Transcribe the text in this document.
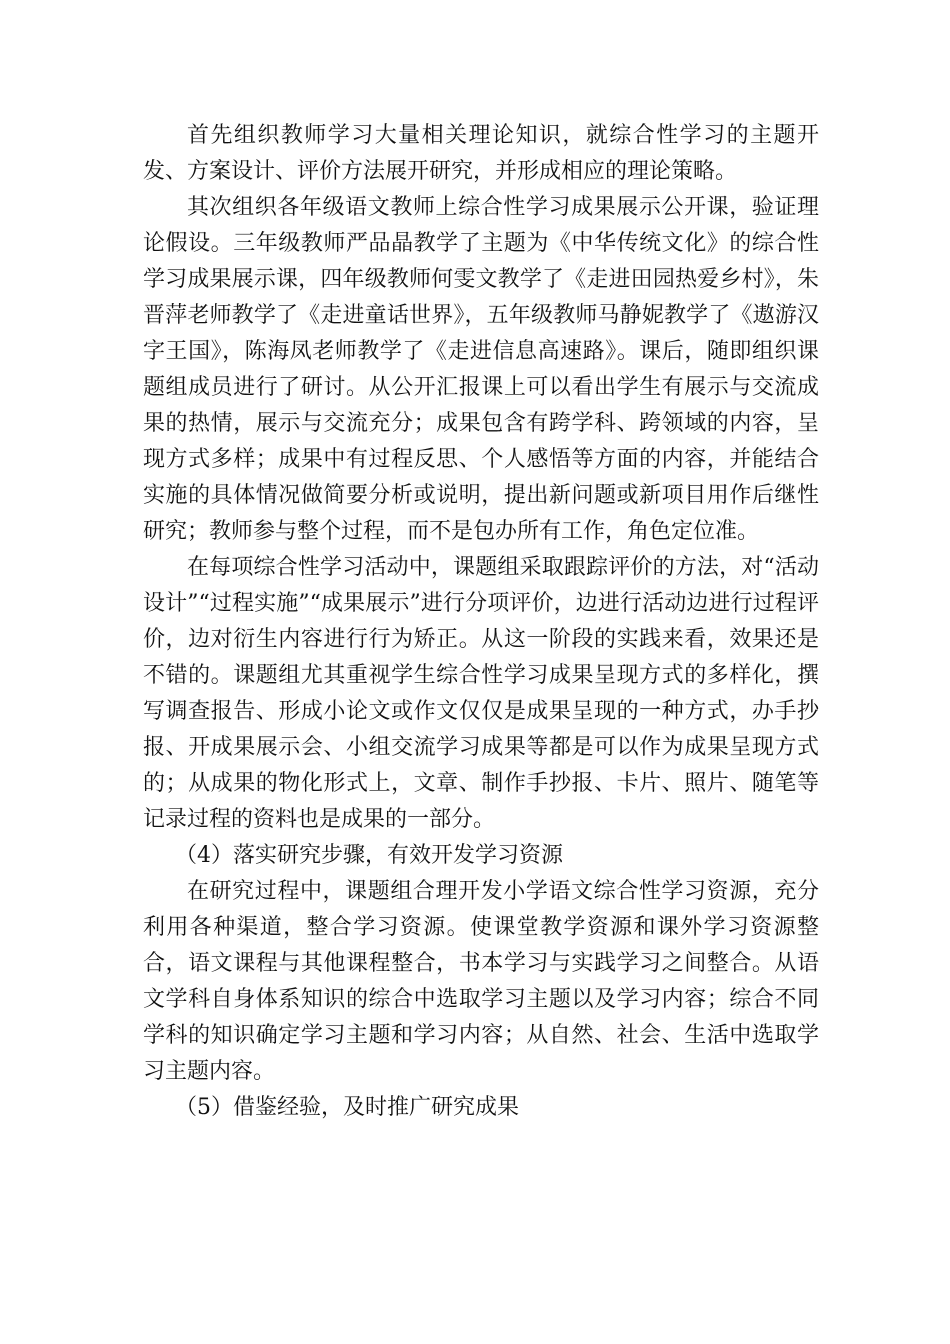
首先组织教师学习大量相关理论知识，就综合性学习的主题开发、方案设计、评价方法展开研究，并形成相应的理论策略。

其次组织各年级语文教师上综合性学习成果展示公开课，验证理论假设。三年级教师严品晶教学了主题为《中华传统文化》的综合性学习成果展示课，四年级教师何雯文教学了《走进田园热爱乡村》，朱晋萍老师教学了《走进童话世界》，五年级教师马静妮教学了《遨游汉字王国》，陈海凤老师教学了《走进信息高速路》。课后，随即组织课题组成员进行了研讨。从公开汇报课上可以看出学生有展示与交流成果的热情，展示与交流充分；成果包含有跨学科、跨领域的内容，呈现方式多样；成果中有过程反思、个人感悟等方面的内容，并能结合实施的具体情况做简要分析或说明，提出新问题或新项目用作后继性研究；教师参与整个过程，而不是包办所有工作，角色定位准。

在每项综合性学习活动中，课题组采取跟踪评价的方法，对“活动设计”“过程实施”“成果展示”进行分项评价，边进行活动边进行过程评价，边对衍生内容进行行为矫正。从这一阶段的实践来看，效果还是不错的。课题组尤其重视学生综合性学习成果呈现方式的多样化，撰写调查报告、形成小论文或作文仅仅是成果呈现的一种方式，办手抄报、开成果展示会、小组交流学习成果等都是可以作为成果呈现方式的；从成果的物化形式上，文章、制作手抄报、卡片、照片、随笔等记录过程的资料也是成果的一部分。

（4）落实研究步骤，有效开发学习资源

在研究过程中，课题组合理开发小学语文综合性学习资源，充分利用各种渠道，整合学习资源。使课堂教学资源和课外学习资源整合，语文课程与其他课程整合，书本学习与实践学习之间整合。从语文学科自身体系知识的综合中选取学习主题以及学习内容；综合不同学科的知识确定学习主题和学习内容；从自然、社会、生活中选取学习主题内容。

（5）借鉴经验，及时推广研究成果
